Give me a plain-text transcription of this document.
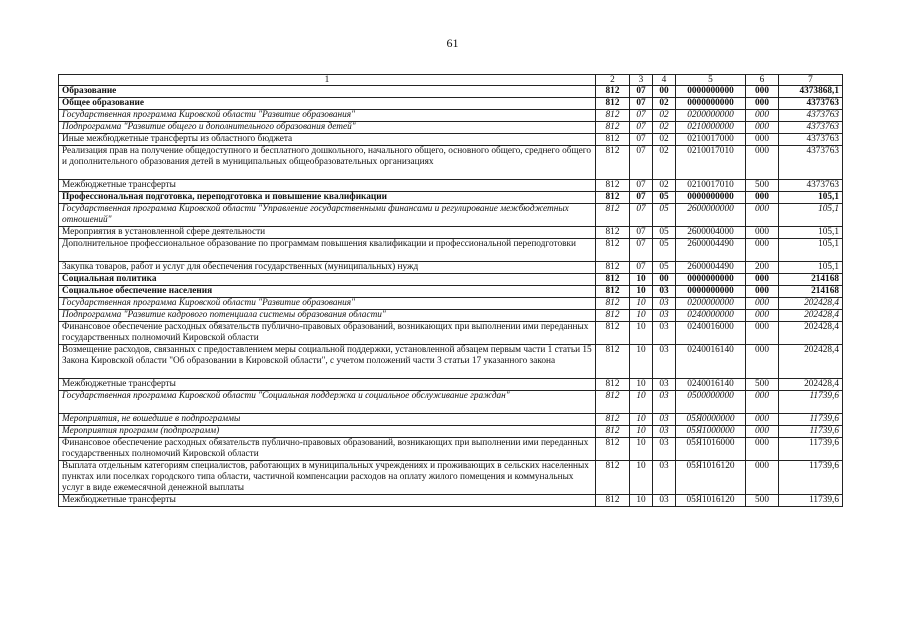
61
1	2	3	4	5	6	7
Образование	812	07	00	0000000000	000	4373868,1
Общее образование	812	07	02	0000000000	000	4373763
Государственная программа Кировской области "Развитие образования"	812	07	02	0200000000	000	4373763
Подпрограмма "Развитие общего и дополнительного образования детей"	812	07	02	0210000000	000	4373763
Иные межбюджетные трансферты из областного бюджета	812	07	02	0210017000	000	4373763
Реализация прав на получение общедоступного и бесплатного дошкольного, начального общего, основного общего, среднего общего и дополнительного образования детей в муниципальных общеобразовательных организациях	812	07	02	0210017010	000	4373763
Межбюджетные трансферты	812	07	02	0210017010	500	4373763
Профессиональная подготовка, переподготовка и повышение квалификации	812	07	05	0000000000	000	105,1
Государственная программа Кировской области "Управление государственными финансами и регулирование межбюджетных отношений"	812	07	05	2600000000	000	105,1
Мероприятия в установленной сфере деятельности	812	07	05	2600004000	000	105,1
Дополнительное профессиональное образование по программам повышения квалификации и профессиональной переподготовки	812	07	05	2600004490	000	105,1
Закупка товаров, работ и услуг для обеспечения государственных (муниципальных) нужд	812	07	05	2600004490	200	105,1
Социальная политика	812	10	00	0000000000	000	214168
Социальное обеспечение населения	812	10	03	0000000000	000	214168
Государственная программа Кировской области "Развитие образования"	812	10	03	0200000000	000	202428,4
Подпрограмма "Развитие кадрового потенциала системы образования области"	812	10	03	0240000000	000	202428,4
Финансовое обеспечение расходных обязательств публично-правовых образований, возникающих при выполнении ими переданных государственных полномочий Кировской области	812	10	03	0240016000	000	202428,4
Возмещение расходов, связанных с предоставлением меры социальной поддержки, установленной абзацем первым части 1 статьи 15 Закона Кировской области "Об образовании в Кировской области", с учетом положений части 3 статьи 17 указанного закона	812	10	03	0240016140	000	202428,4
Межбюджетные трансферты	812	10	03	0240016140	500	202428,4
Государственная программа Кировской области "Социальная поддержка и социальное обслуживание граждан"	812	10	03	0500000000	000	11739,6
Мероприятия, не вошедшие в подпрограммы	812	10	03	05Я0000000	000	11739,6
Мероприятия программ (подпрограмм)	812	10	03	05Я1000000	000	11739,6
Финансовое обеспечение расходных обязательств публично-правовых образований, возникающих при выполнении ими переданных государственных полномочий Кировской области	812	10	03	05Я1016000	000	11739,6
Выплата отдельным категориям специалистов, работающих в муниципальных учреждениях и проживающих в сельских населенных пунктах или поселках городского типа области, частичной компенсации расходов на оплату жилого помещения и коммунальных услуг в виде ежемесячной денежной выплаты	812	10	03	05Я1016120	000	11739,6
Межбюджетные трансферты	812	10	03	05Я1016120	500	11739,6
